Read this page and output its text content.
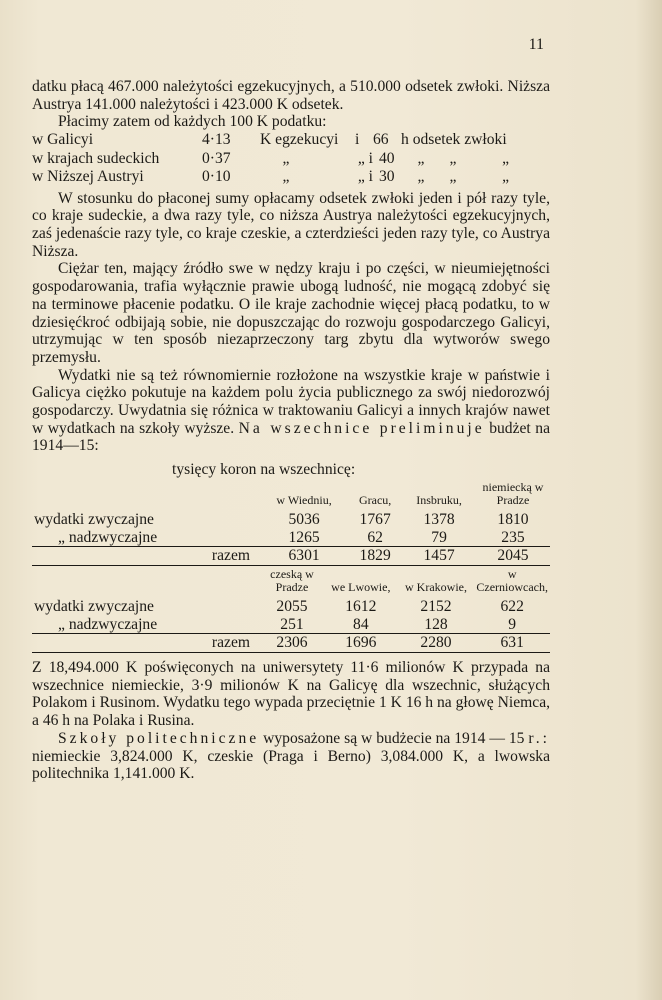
11

datku płacą 467.000 należytości egzekucyjnych, a 510.000 odsetek zwłoki. Niższa Austrya 141.000 należytości i 423.000 K odsetek.

Płacimy zatem od każdych 100 K podatku:

w Galicyi	4·13	K egzekucyi	i 66 h odsetek zwłoki
w krajach sudeckich	0·37	„	„ i 40	„	„	„
w Niższej Austryi	0·10	„	„ i 30	„	„	„

W stosunku do płaconej sumy opłacamy odsetek zwłoki jeden i pół razy tyle, co kraje sudeckie, a dwa razy tyle, co niższa Austrya należytości egzekucyjnych, zaś jedenaście razy tyle, co kraje czeskie, a czterdzieści jeden razy tyle, co Austrya Niższa.

Ciężar ten, mający źródło swe w nędzy kraju i po części, w nieumiejętności gospodarowania, trafia wyłącznie prawie ubogą ludność, nie mogącą zdobyć się na terminowe płacenie podatku. O ile kraje zachodnie więcej płacą podatku, to w dziesięćkroć odbijają sobie, nie dopuszczając do rozwoju gospodarczego Galicyi, utrzymując w ten sposób niezaprzeczony targ zbytu dla wytworów swego przemysłu.

Wydatki nie są też równomiernie rozłożone na wszystkie kraje w państwie i Galicya ciężko pokutuje na każdem polu życia publicznego za swój niedorozwój gospodarczy. Uwydatnia się różnica w traktowaniu Galicyi a innych krajów nawet w wydatkach na szkoły wyższe. Na wszechnice preliminuje budżet na 1914—15:

tysięcy koron na wszechnicę:
	w Wiedniu,	Gracu,	Insbruku,	niemiecką w Pradze
wydatki zwyczajne	5036	1767	1378	1810
„ nadzwyczajne	1265	62	79	235
razem	6301	1829	1457	2045
	czeską w Pradze	we Lwowie,	w Krakowie,	w Czerniowcach,
wydatki zwyczajne	2055	1612	2152	622
„ nadzwyczajne	251	84	128	9
razem	2306	1696	2280	631

Z 18,494.000 K poświęconych na uniwersytety 11·6 milionów K przypada na wszechnice niemieckie, 3·9 milionów K na Galicyę dla wszechnic, służących Polakom i Rusinom. Wydatku tego wypada przeciętnie 1 K 16 h na głowę Niemca, a 46 h na Polaka i Rusina.

Szkoły politechniczne wyposażone są w budżecie na 1914 — 15 r.: niemieckie 3,824.000 K, czeskie (Praga i Berno) 3,084.000 K, a lwowska politechnika 1,141.000 K.
